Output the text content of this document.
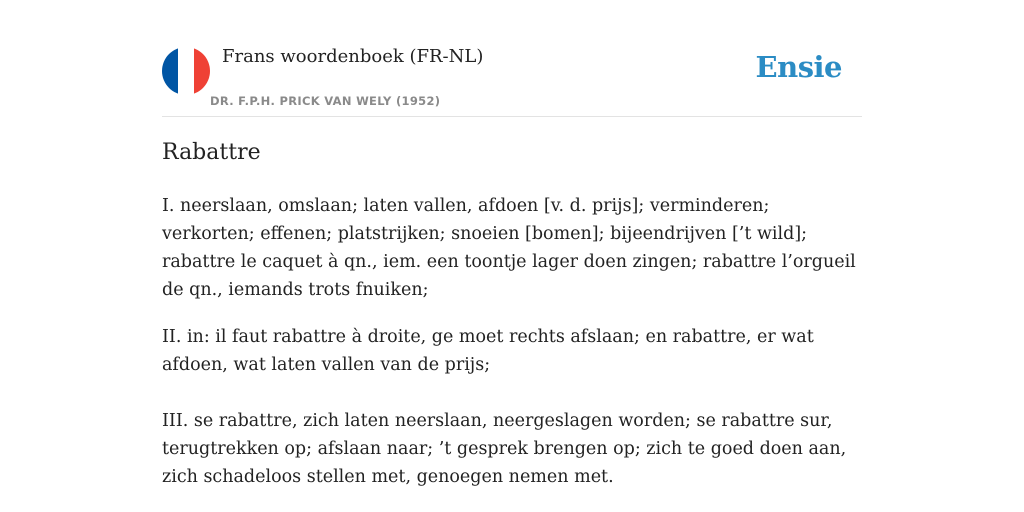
Frans woordenboek (FR-NL)
DR. F.P.H. PRICK VAN WELY (1952)
Ensie
Rabattre

I. neerslaan, omslaan; laten vallen, afdoen [v. d. prijs]; verminderen; verkorten; effenen; platstrijken; snoeien [bomen]; bijeendrijven [’t wild]; rabattre le caquet à qn., iem. een toontje lager doen zingen; rabattre l’orgueil de qn., iemands trots fnuiken;

II. in: il faut rabattre à droite, ge moet rechts afslaan; en rabattre, er wat afdoen, wat laten vallen van de prijs;

III. se rabattre, zich laten neerslaan, neergeslagen worden; se rabattre sur, terugtrekken op; afslaan naar; ’t gesprek brengen op; zich te goed doen aan, zich schadeloos stellen met, genoegen nemen met.
